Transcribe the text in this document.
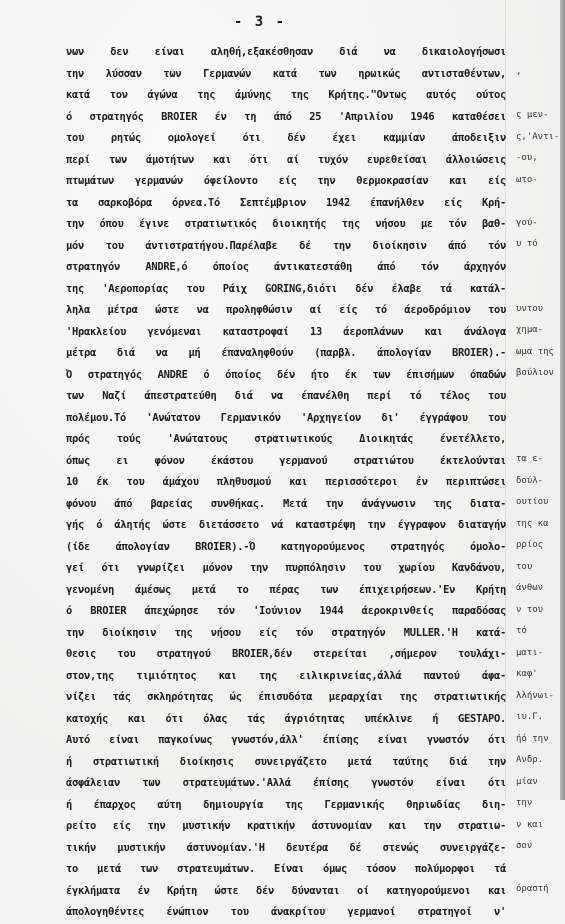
- 3 -
νων δεν είναι αληθή,εξακέσθησαν διά να δικαιολογήσωσι
την λύσσαν των Γερμανών κατά των ηρωικώς αντισταθέντων,
κατά τον άγώνα της άμύνης της Κρήτης."Οντως αυτός ούτος
ό στρατηγός BROIER έν τη άπό 25 'Απριλίου 1946 καταθέσει
του ρητώς ομολογεί ότι δέν έχει καμμίαν άποδειξιν
περί των άμοτήτων και ότι αί τυχόν ευρεθείσαι άλλοιώσεις
πτωμάτων γερμανών όφείλοντο είς την θερμοκρασίαν και είς
τα σαρκοβόρα όρνεα.Τό Σεπτέμβριον 1942 έπανήλθεν είς Κρή-
την όπου έγινε στρατιωτικός διοικητής της νήσου με τόν βαθ-
μόν του άντιστρατήγου.Παρέλαβε δέ την διοίκησιν άπό τόν
στρατηγόν ANDRE,ό όποίος άντικατεστάθη άπό τόν άρχηγόν
της 'Αεροπορίας του Ράιχ GORING,διότι δέν έλαβε τά κατάλ-
ληλα μέτρα ώστε να προληφθώσιν αί είς τό άεροδρόμιον του
'Ηρακλείου γενόμεναι καταστροφαί 13 άεροπλάνων και άνάλογα
μέτρα διά να μή έπαναληφθούν (παρβλ. άπολογίαν BROIER).-
Ό στρατηγός ANDRE ό όποίος δέν ήτο έκ των έπισήμων όπαδών
των Ναζί άπεστρατεύθη διά να έπανέλθη περί τό τέλος του
πολέμου.Τό 'Ανώτατον Γερμανικόν 'Αρχηγείον δι' έγγράφου του
πρός τούς 'Ανώτατους στρατιωτικούς Διοικητάς ένετέλλετο,
όπως ει φόνον έκάστου γερμανού στρατιώτου έκτελούνται
10 έκ του άμάχου πληθυσμού και περισσότεροι έν περιπτώσει
φόνου άπό βαρείας συνθήκας. Μετά την άνάγνωσιν της διατα-
γής ό άλητής ώστε διετάσσετο νά καταστρέψη την έγγραφον διαταγήν
(ίδε άπολογίαν BROIER).-Ό κατηγορούμενος στρατηγός όμολο-
γεί ότι γνωρίζει μόνον την πυρπόλησιν του χωρίου Κανδάνου,
γενομένη άμέσως μετά το πέρας των έπιχειρήσεων.'Εν Κρήτη
ό BROIER άπεχώρησε τόν 'Ιούνιον 1944 άεροκρινθείς παραδόσας
την διοίκησιν της νήσου είς τόν στρατηγόν MULLER.'Η κατά-
θεσις του στρατηγού BROIER,δέν στερείται ,σήμερον τουλάχι-
στον,της τιμιότητος και της ειλικρινείας,άλλά παντού άφα-
νίζει τάς σκληρότητας ώς έπισυδότα μεραρχίαι της στρατιωτικής
κατοχής και ότι όλας τάς άγριότητας υπέκλινε ή GESTAPO.
Αυτό είναι παγκοίνως γνωστόν,άλλ' έπίσης είναι γνωστόν ότι
ή στρατιωτική διοίκησις συνειργάζετο μετά ταύτης διά την
άσφάλειαν των στρατευμάτων.'Αλλά έπίσης γνωστόν είναι ότι
ή έπαρχος αύτη δημιουργία της Γερμανικής θηριωδίας διη-
ρείτο είς την μυστικήν κρατικήν άστυνομίαν και την στρατιω-
τικήν μυστικήν άστυνομίαν.'Η δευτέρα δέ στενώς συνειργάζε-
το μετά των στρατευμάτων. Είναι όμως τόσον πολύμορφοι τά
έγκλήματα έν Κρήτη ώστε δέν δύνανται οί κατηγορούμενοι και
άπολογηθέντες ένώπιον του άνακρίτου γερμανοί στρατηγοί ν'
,
ς μεν-
ς,'Αντι-
-ου,
ωτο-
γού-
υ τό
υντου
χημα-
ωμα της
βούλιον
τα ε-
δούλ-
ουτίου
της κα
ρρίος
του
άνθων
ν του
τό
ματι-
καφ'
λλήνωι-
ιυ.Γ.
ήό την
Ανδρ.
μίαν
την
ν και
σον
όραστή
